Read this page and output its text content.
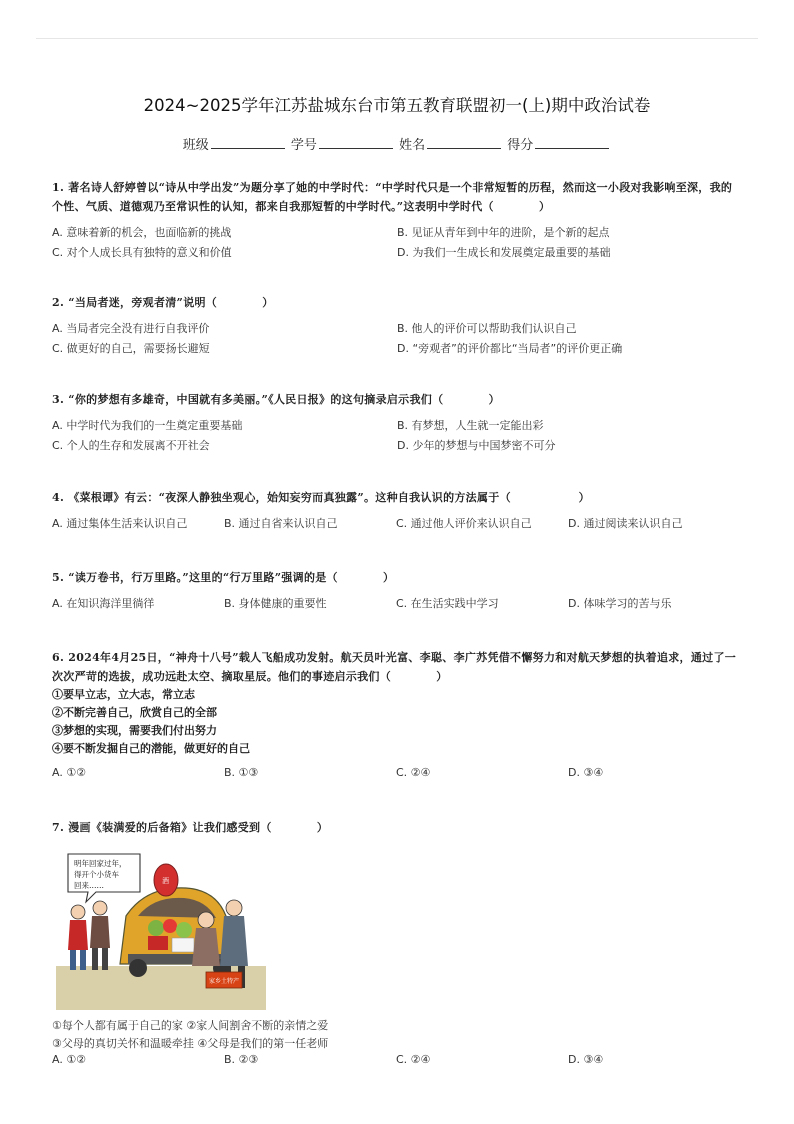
2024~2025学年江苏盐城东台市第五教育联盟初一(上)期中政治试卷
班级	学号	姓名	得分
1. 著名诗人舒婷曾以“诗从中学出发”为题分享了她的中学时代：“中学时代只是一个非常短暂的历程，然而这一小段对我影响至深，我的个性、气质、道德观乃至常识性的认知，都来自我那短暂的中学时代。”这表明中学时代（　　　　）
A. 意味着新的机会，也面临新的挑战	B. 见证从青年到中年的进阶，是个新的起点
C. 对个人成长具有独特的意义和价值	D. 为我们一生成长和发展奠定最重要的基础
2. “当局者迷，旁观者清”说明（　　　　）
A. 当局者完全没有进行自我评价	B. 他人的评价可以帮助我们认识自己
C. 做更好的自己，需要扬长避短	D. “旁观者”的评价都比“当局者”的评价更正确
3. “你的梦想有多雄奇，中国就有多美丽。”《人民日报》的这句摘录启示我们（　　　　）
A. 中学时代为我们的一生奠定重要基础	B. 有梦想，人生就一定能出彩
C. 个人的生存和发展离不开社会	D. 少年的梦想与中国梦密不可分
4. 《菜根谭》有云：“夜深人静独坐观心，始知妄穷而真独露”。这种自我认识的方法属于（　　　　　　）
A. 通过集体生活来认识自己	B. 通过自省来认识自己	C. 通过他人评价来认识自己	D. 通过阅读来认识自己
5. “读万卷书，行万里路。”这里的“行万里路”强调的是（　　　　）
A. 在知识海洋里徜徉	B. 身体健康的重要性	C. 在生活实践中学习	D. 体味学习的苦与乐
6. 2024年4月25日，“神舟十八号”载人飞船成功发射。航天员叶光富、李聪、李广苏凭借不懈努力和对航天梦想的执着追求，通过了一次次严苛的选拔，成功远赴太空、摘取星辰。他们的事迹启示我们（　　　　）
①要早立志，立大志，常立志
②不断完善自己，欣赏自己的全部
③梦想的实现，需要我们付出努力
④要不断发掘自己的潜能，做更好的自己
A. ①②	B. ①③	C. ②④	D. ③④
7. 漫画《装满爱的后备箱》让我们感受到（　　　　）
明年回家过年，
得开个小货车
回来……	酒
家乡土特产
①每个人都有属于自己的家 ②家人间割舍不断的亲情之爱
③父母的真切关怀和温暖牵挂 ④父母是我们的第一任老师
A. ①②	B. ②③	C. ②④	D. ③④
